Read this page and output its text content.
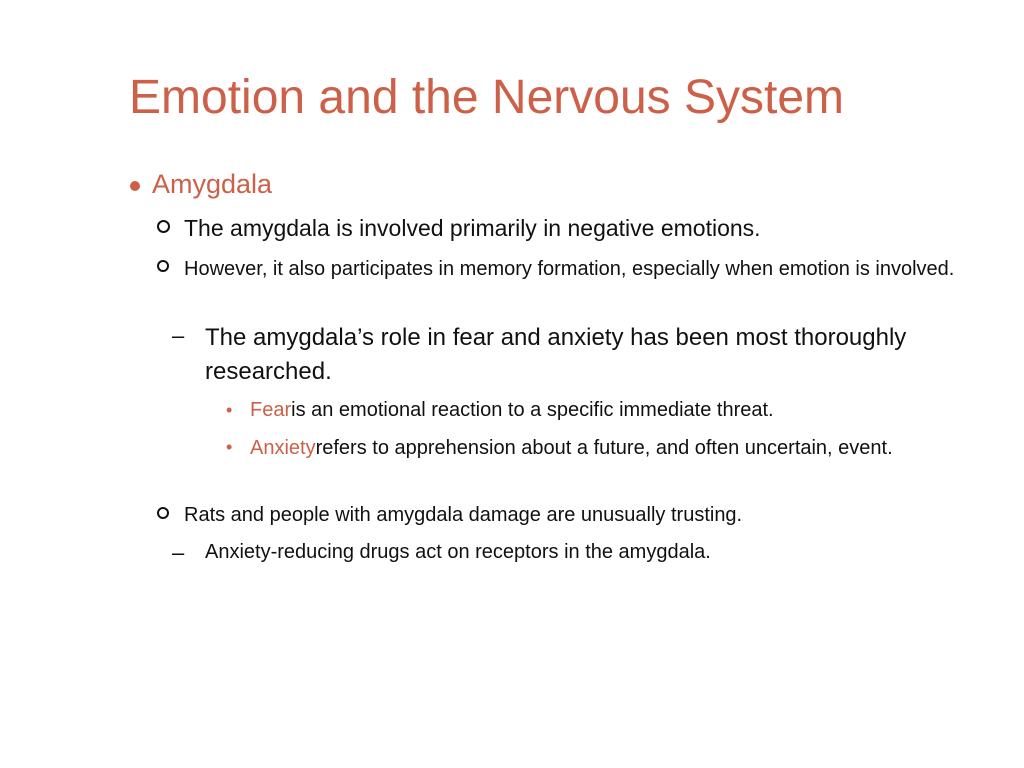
Emotion and the Nervous System
Amygdala
The amygdala is involved primarily in negative emotions.
However, it also participates in memory formation, especially when emotion is involved.
– The amygdala’s role in fear and anxiety has been most thoroughly researched.
• Fearis an emotional reaction to a specific immediate threat.
• Anxietyrefers to apprehension about a future, and often uncertain, event.
Rats and people with amygdala damage are unusually trusting.
– Anxiety-reducing drugs act on receptors in the amygdala.
